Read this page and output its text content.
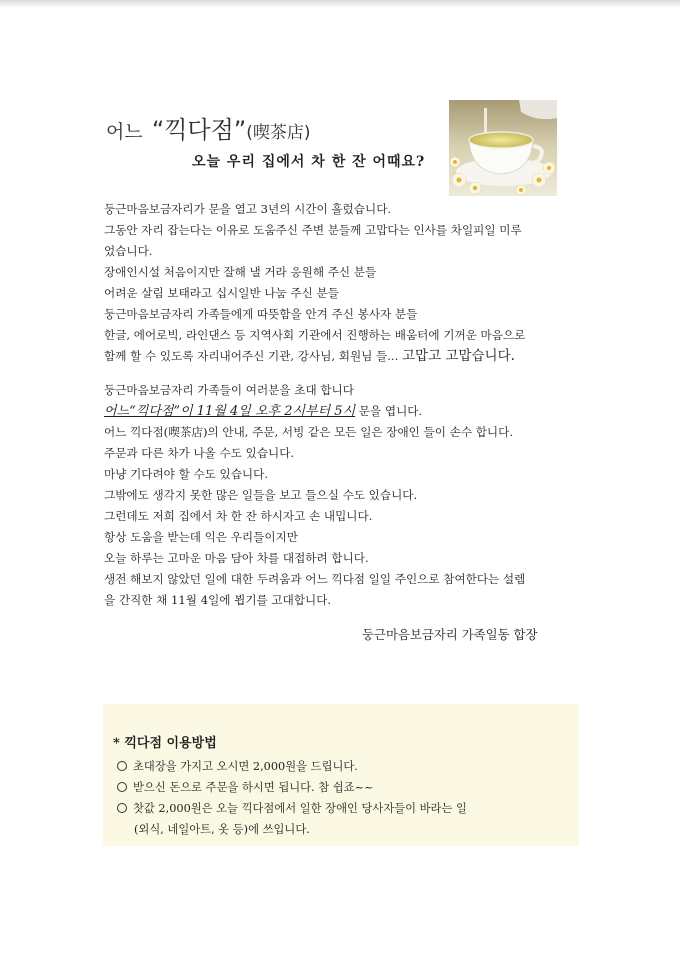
어느 “끽다점”(喫茶店)
오늘 우리 집에서 차 한 잔 어때요?
둥근마음보금자리가 문을 열고 3년의 시간이 흘렀습니다.
그동안 자리 잡는다는 이유로 도움주신 주변 분들께 고맙다는 인사를 차일피일 미루
었습니다.
장애인시설 처음이지만 잘해 낼 거라 응원해 주신 분들
어려운 살림 보태라고 십시일반 나눔 주신 분들
둥근마음보금자리 가족들에게 따뜻함을 안겨 주신 봉사자 분들
한글, 에어로빅, 라인댄스 등 지역사회 기관에서 진행하는 배움터에 기꺼운 마음으로
함께 할 수 있도록 자리내어주신 기관, 강사님, 회원님 들... 고맙고 고맙습니다.
둥근마음보금자리 가족들이 여러분을 초대 합니다
어느“끽다점”이 11월 4일 오후 2시부터 5시 문을 엽니다.
어느 끽다점(喫茶店)의 안내, 주문, 서빙 같은 모든 일은 장애인 들이 손수 합니다.
주문과 다른 차가 나올 수도 있습니다.
마냥 기다려야 할 수도 있습니다.
그밖에도 생각지 못한 많은 일들을 보고 들으실 수도 있습니다.
그런데도 저희 집에서 차 한 잔 하시자고 손 내밉니다.
항상 도움을 받는데 익은 우리들이지만
오늘 하루는 고마운 마음 담아 차를 대접하려 합니다.
생전 해보지 않았던 일에 대한 두려움과 어느 끽다점 일일 주인으로 참여한다는 설렘
을 간직한 채 11월 4일에 뵙기를 고대합니다.
둥근마음보금자리 가족일동 합장
* 끽다점 이용방법
초대장을 가지고 오시면 2,000원을 드립니다.
받으신 돈으로 주문을 하시면 됩니다. 참 쉽죠~~
찻값 2,000원은 오늘 끽다점에서 일한 장애인 당사자들이 바라는 일
(외식, 네일아트, 옷 등)에 쓰입니다.
